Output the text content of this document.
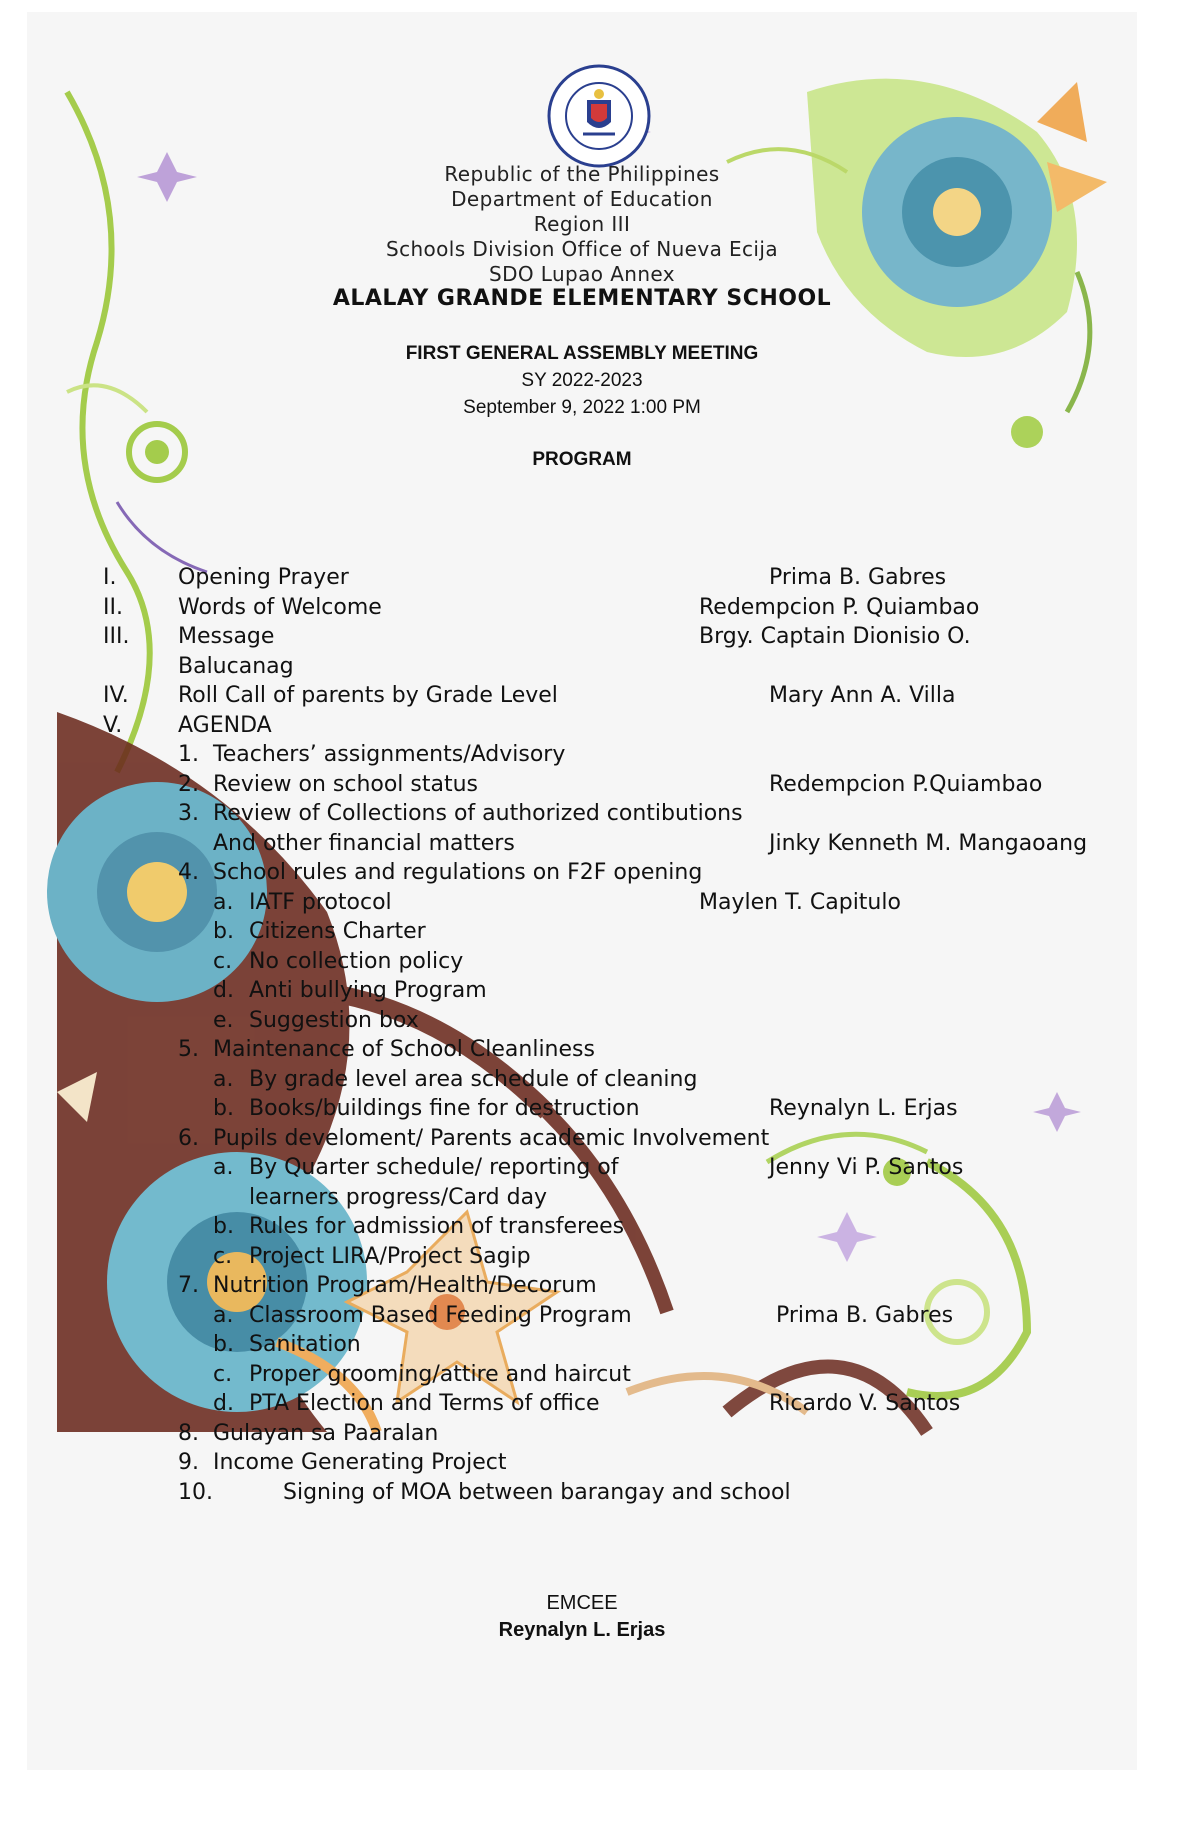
Republic of the Philippines
Department of Education
Region III
Schools Division Office of Nueva Ecija
SDO Lupao Annex
ALALAY GRANDE ELEMENTARY SCHOOL
FIRST GENERAL ASSEMBLY MEETING
SY 2022-2023
September 9, 2022 1:00 PM
PROGRAM
I.	Opening Prayer	Prima B. Gabres
II.	Words of Welcome	Redempcion P. Quiambao
III. Message	Brgy. Captain Dionisio O.
Balucanag
IV. Roll Call of parents by Grade Level	Mary Ann A. Villa
V.	AGENDA
1. Teachers’ assignments/Advisory
2. Review on school status	Redempcion P.Quiambao
3. Review of Collections of authorized contibutions
And other financial matters	Jinky Kenneth M. Mangaoang
4. School rules and regulations on F2F opening
a. IATF protocol	Maylen T. Capitulo
b. Citizens Charter
c. No collection policy
d. Anti bullying Program
e. Suggestion box
5. Maintenance of School Cleanliness
a. By grade level area schedule of cleaning
b. Books/buildings fine for destruction	Reynalyn L. Erjas
6. Pupils develoment/ Parents academic Involvement
a. By Quarter schedule/ reporting of	Jenny Vi P. Santos
learners progress/Card day
b. Rules for admission of transferees
c. Project LIRA/Project Sagip
7. Nutrition Program/Health/Decorum
a. Classroom Based Feeding Program	Prima B. Gabres
b. Sanitation
c. Proper grooming/attire and haircut
d. PTA Election and Terms of office	Ricardo V. Santos
8. Gulayan sa Paaralan
9. Income Generating Project
10.	Signing of MOA between barangay and school
EMCEE
Reynalyn L. Erjas
